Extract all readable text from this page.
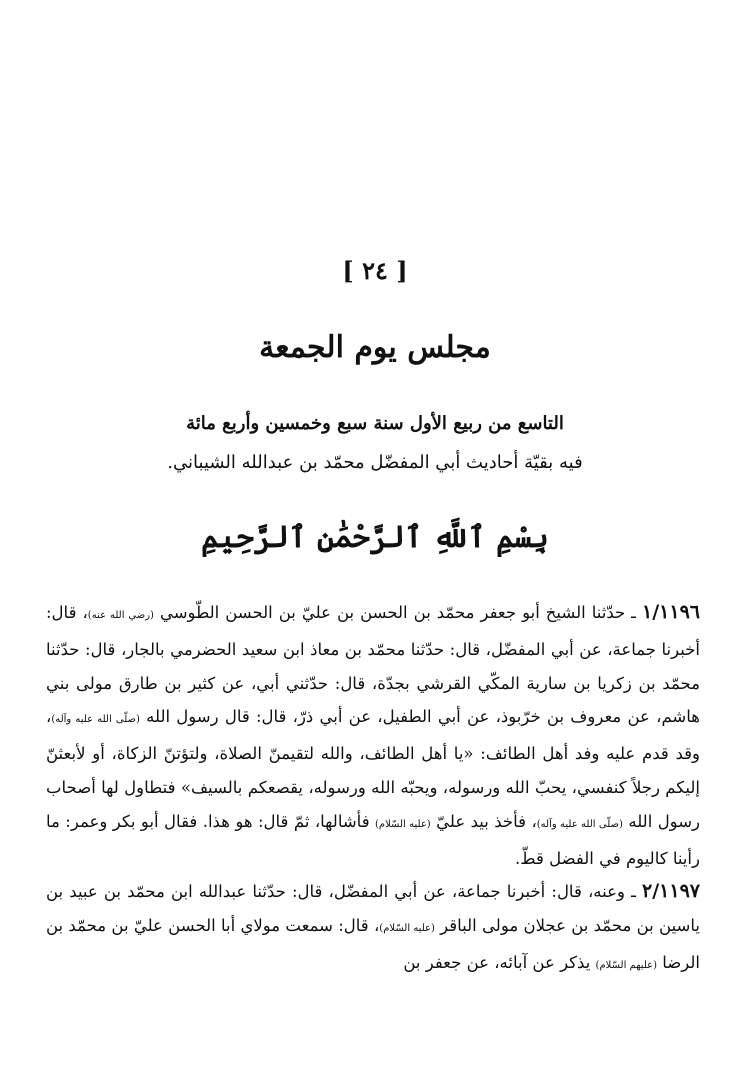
[ ٢٤ ]
مجلس يوم الجمعة
التاسع من ربيع الأول سنة سبع وخمسين وأربع مائة
فيه بقيّة أحاديث أبي المفضّل محمّد بن عبدالله الشيباني.
بِسْمِ ٱللَّهِ ٱلرَّحْمَٰنِ ٱلرَّحِيمِ

١/١١٩٦ ـ حدّثنا الشيخ أبو جعفر محمّد بن الحسن بن عليّ بن الحسن الطّوسي (رضي الله عنه)، قال: أخبرنا جماعة، عن أبي المفضّل، قال: حدّثنا محمّد بن معاذ ابن سعيد الحضرمي بالجار، قال: حدّثنا محمّد بن زكريا بن سارية المكّي القرشي بجدّة، قال: حدّثني أبي، عن كثير بن طارق مولى بني هاشم، عن معروف بن خرّبوذ، عن أبي الطفيل، عن أبي ذرّ، قال: قال رسول الله (صلّى الله عليه وآله)، وقد قدم عليه وفد أهل الطائف: «يا أهل الطائف، والله لتقيمنّ الصلاة، ولتؤتنّ الزكاة، أو لأبعثنّ إليكم رجلاً كنفسي، يحبّ الله ورسوله، ويحبّه الله ورسوله، يقصعكم بالسيف» فتطاول لها أصحاب رسول الله (صلّى الله عليه وآله)، فأخذ بيد عليّ (عليه السّلام) فأشالها، ثمّ قال: هو هذا. فقال أبو بكر وعمر: ما رأينا كاليوم في الفضل قطّ.

٢/١١٩٧ ـ وعنه، قال: أخبرنا جماعة، عن أبي المفضّل، قال: حدّثنا عبدالله ابن محمّد بن عبيد بن ياسين بن محمّد بن عجلان مولى الباقر (عليه السّلام)، قال: سمعت مولاي أبا الحسن عليّ بن محمّد بن الرضا (عليهم السّلام) يذكر عن آبائه، عن جعفر بن
